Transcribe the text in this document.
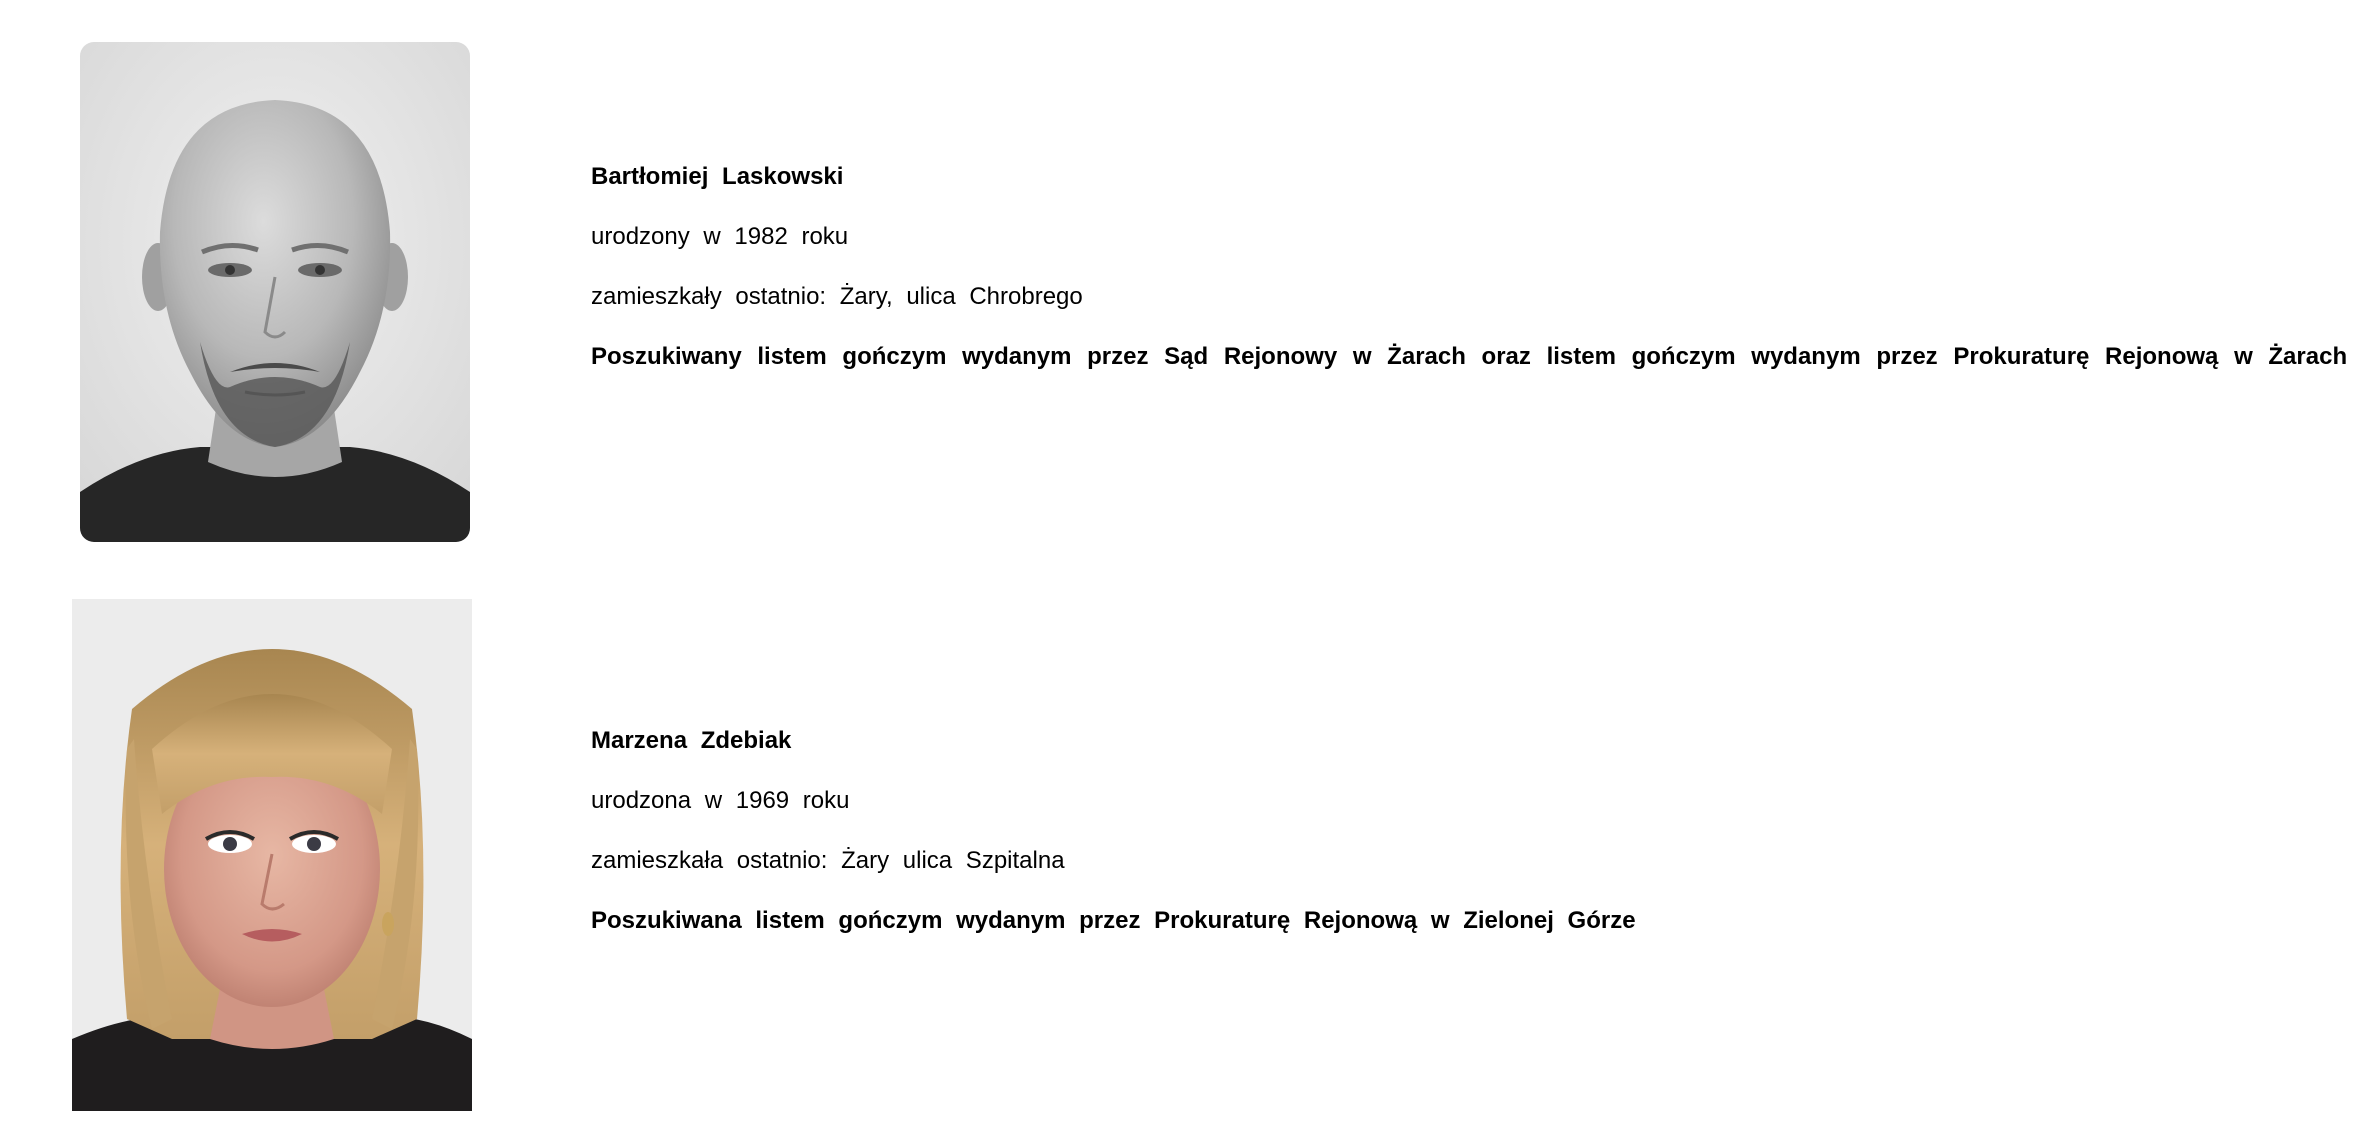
Bartłomiej Laskowski
urodzony w 1982 roku
zamieszkały ostatnio: Żary, ulica Chrobrego
Poszukiwany listem gończym wydanym przez Sąd Rejonowy w Żarach oraz listem gończym wydanym przez Prokuraturę Rejonową w Żarach
Marzena Zdebiak
urodzona w 1969 roku
zamieszkała ostatnio: Żary ulica Szpitalna
Poszukiwana listem gończym wydanym przez Prokuraturę Rejonową w Zielonej Górze
